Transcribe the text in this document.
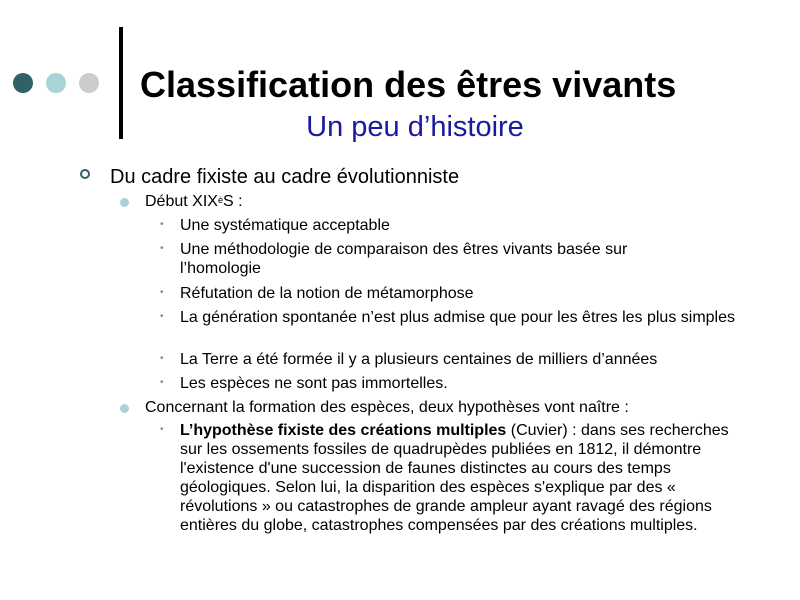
Classification des êtres vivants
Un peu d’histoire
Du cadre fixiste au cadre évolutionniste
Début $XIX^èS$ :
• Une systématique acceptable
• Une méthodologie de comparaison des êtres vivants basée sur l’homologie
• Réfutation de la notion de métamorphose
• La génération spontanée n’est plus admise que pour les êtres les plus simples
• La Terre a été formée il y a plusieurs centaines de milliers d’années
• Les espèces ne sont pas immortelles.
Concernant la formation des espèces, deux hypothèses vont naître :
• L’hypothèse fixiste des créations multiples (Cuvier) : dans ses recherches sur les ossements fossiles de quadrupèdes publiées en 1812, il démontre l'existence d'une succession de faunes distinctes au cours des temps géologiques. Selon lui, la disparition des espèces s'explique par des « révolutions » ou catastrophes de grande ampleur ayant ravagé des régions entières du globe, catastrophes compensées par des créations multiples.
